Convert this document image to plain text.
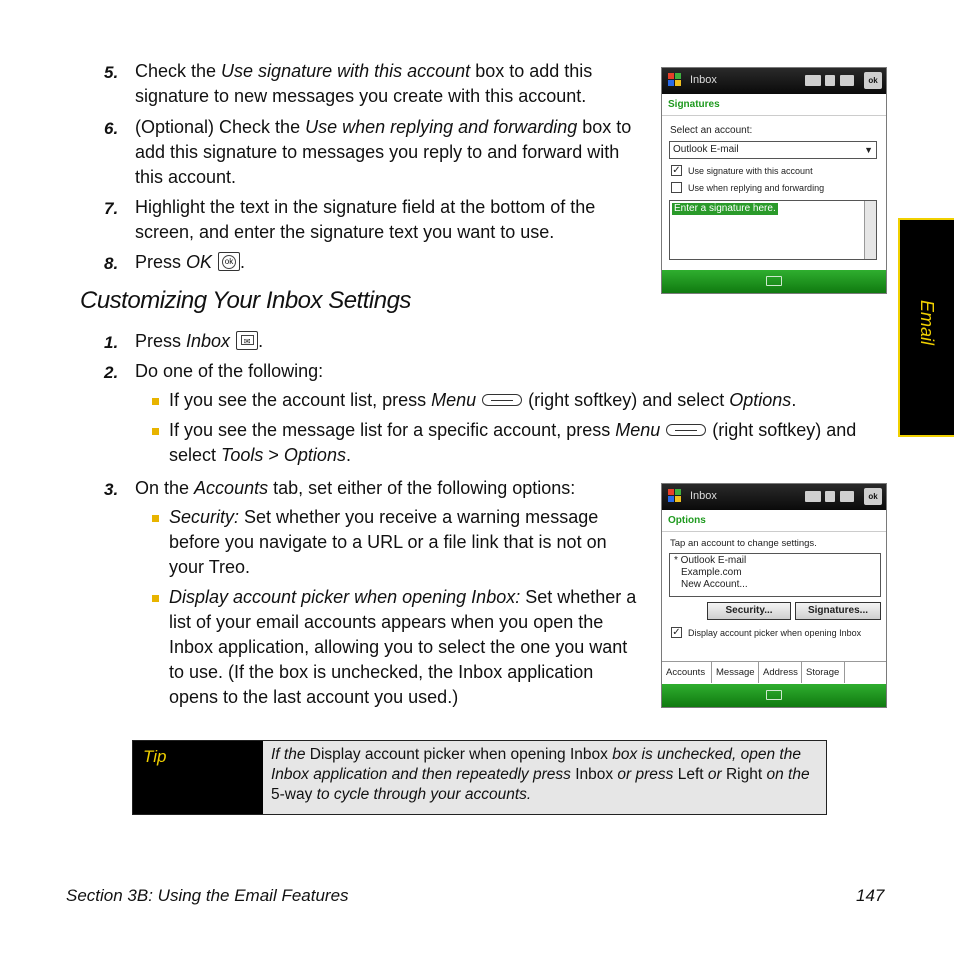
5. Check the Use signature with this account box to add this signature to new messages you create with this account.
6. (Optional) Check the Use when replying and forwarding box to add this signature to messages you reply to and forward with this account.
7. Highlight the text in the signature field at the bottom of the screen, and enter the signature text you want to use.
8. Press OK	ok .
Inbox	ok
Signatures
Select an account:
Outlook E-mail	▼
✓ Use signature with this account
Use when replying and forwarding
Enter a signature here.
Customizing Your Inbox Settings
1. Press Inbox	✉ .
2. Do one of the following:
If you see the account list, press Menu	(right softkey) and select Options.
If you see the message list for a specific account, press Menu	(right softkey) and select Tools > Options.
3. On the Accounts tab, set either of the following options:
Security: Set whether you receive a warning message before you navigate to a URL or a file link that is not on your Treo.
Display account picker when opening Inbox: Set whether a list of your email accounts appears when you open the Inbox application, allowing you to select the one you want to use. (If the box is unchecked, the Inbox application opens to the last account you used.)
Inbox	ok
Options
Tap an account to change settings.
* Outlook E-mail
Example.com
New Account...
Security...	Signatures...
✓ Display account picker when opening Inbox
Accounts	Message Address Storage
Email
Tip	If the Display account picker when opening Inbox box is unchecked, open the Inbox application and then repeatedly press Inbox or press Left or Right on the 5-way to cycle through your accounts.
Section 3B: Using the Email Features	147
